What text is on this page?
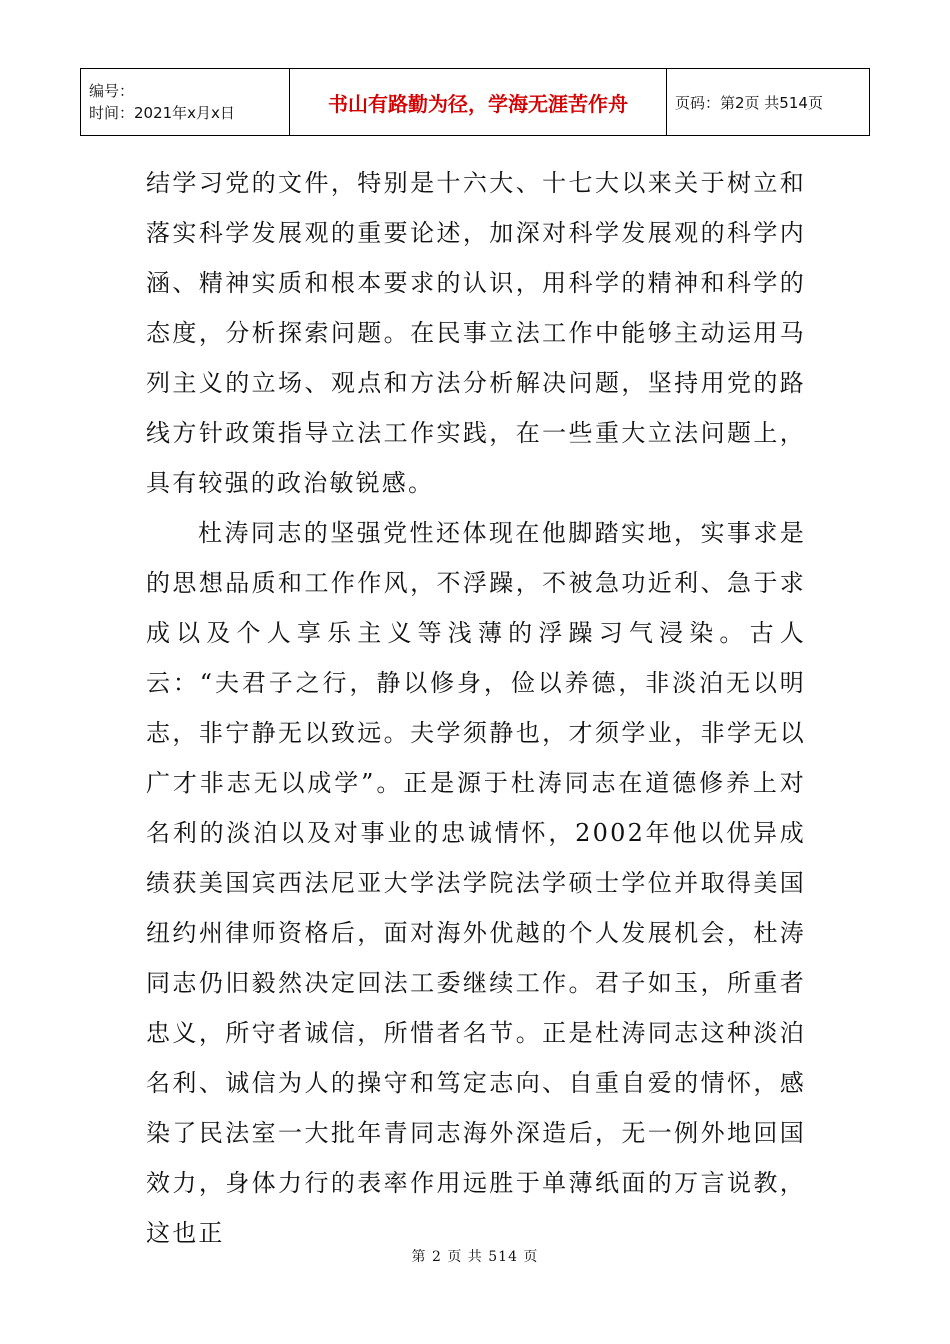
编号：
时间：2021年x月x日	书山有路勤为径，学海无涯苦作舟	页码：第2页 共514页

结学习党的文件，特别是十六大、十七大以来关于树立和落实科学发展观的重要论述，加深对科学发展观的科学内涵、精神实质和根本要求的认识，用科学的精神和科学的态度，分析探索问题。在民事立法工作中能够主动运用马列主义的立场、观点和方法分析解决问题，坚持用党的路线方针政策指导立法工作实践，在一些重大立法问题上，具有较强的政治敏锐感。

杜涛同志的坚强党性还体现在他脚踏实地，实事求是的思想品质和工作作风，不浮躁，不被急功近利、急于求成以及个人享乐主义等浅薄的浮躁习气浸染。古人云：“夫君子之行，静以修身，俭以养德，非淡泊无以明志，非宁静无以致远。夫学须静也，才须学业，非学无以广才非志无以成学”。正是源于杜涛同志在道德修养上对名利的淡泊以及对事业的忠诚情怀，2002年他以优异成绩获美国宾西法尼亚大学法学院法学硕士学位并取得美国纽约州律师资格后，面对海外优越的个人发展机会，杜涛同志仍旧毅然决定回法工委继续工作。君子如玉，所重者忠义，所守者诚信，所惜者名节。正是杜涛同志这种淡泊名利、诚信为人的操守和笃定志向、自重自爱的情怀，感染了民法室一大批年青同志海外深造后，无一例外地回国效力，身体力行的表率作用远胜于单薄纸面的万言说教，这也正

第 2 页 共 514 页
